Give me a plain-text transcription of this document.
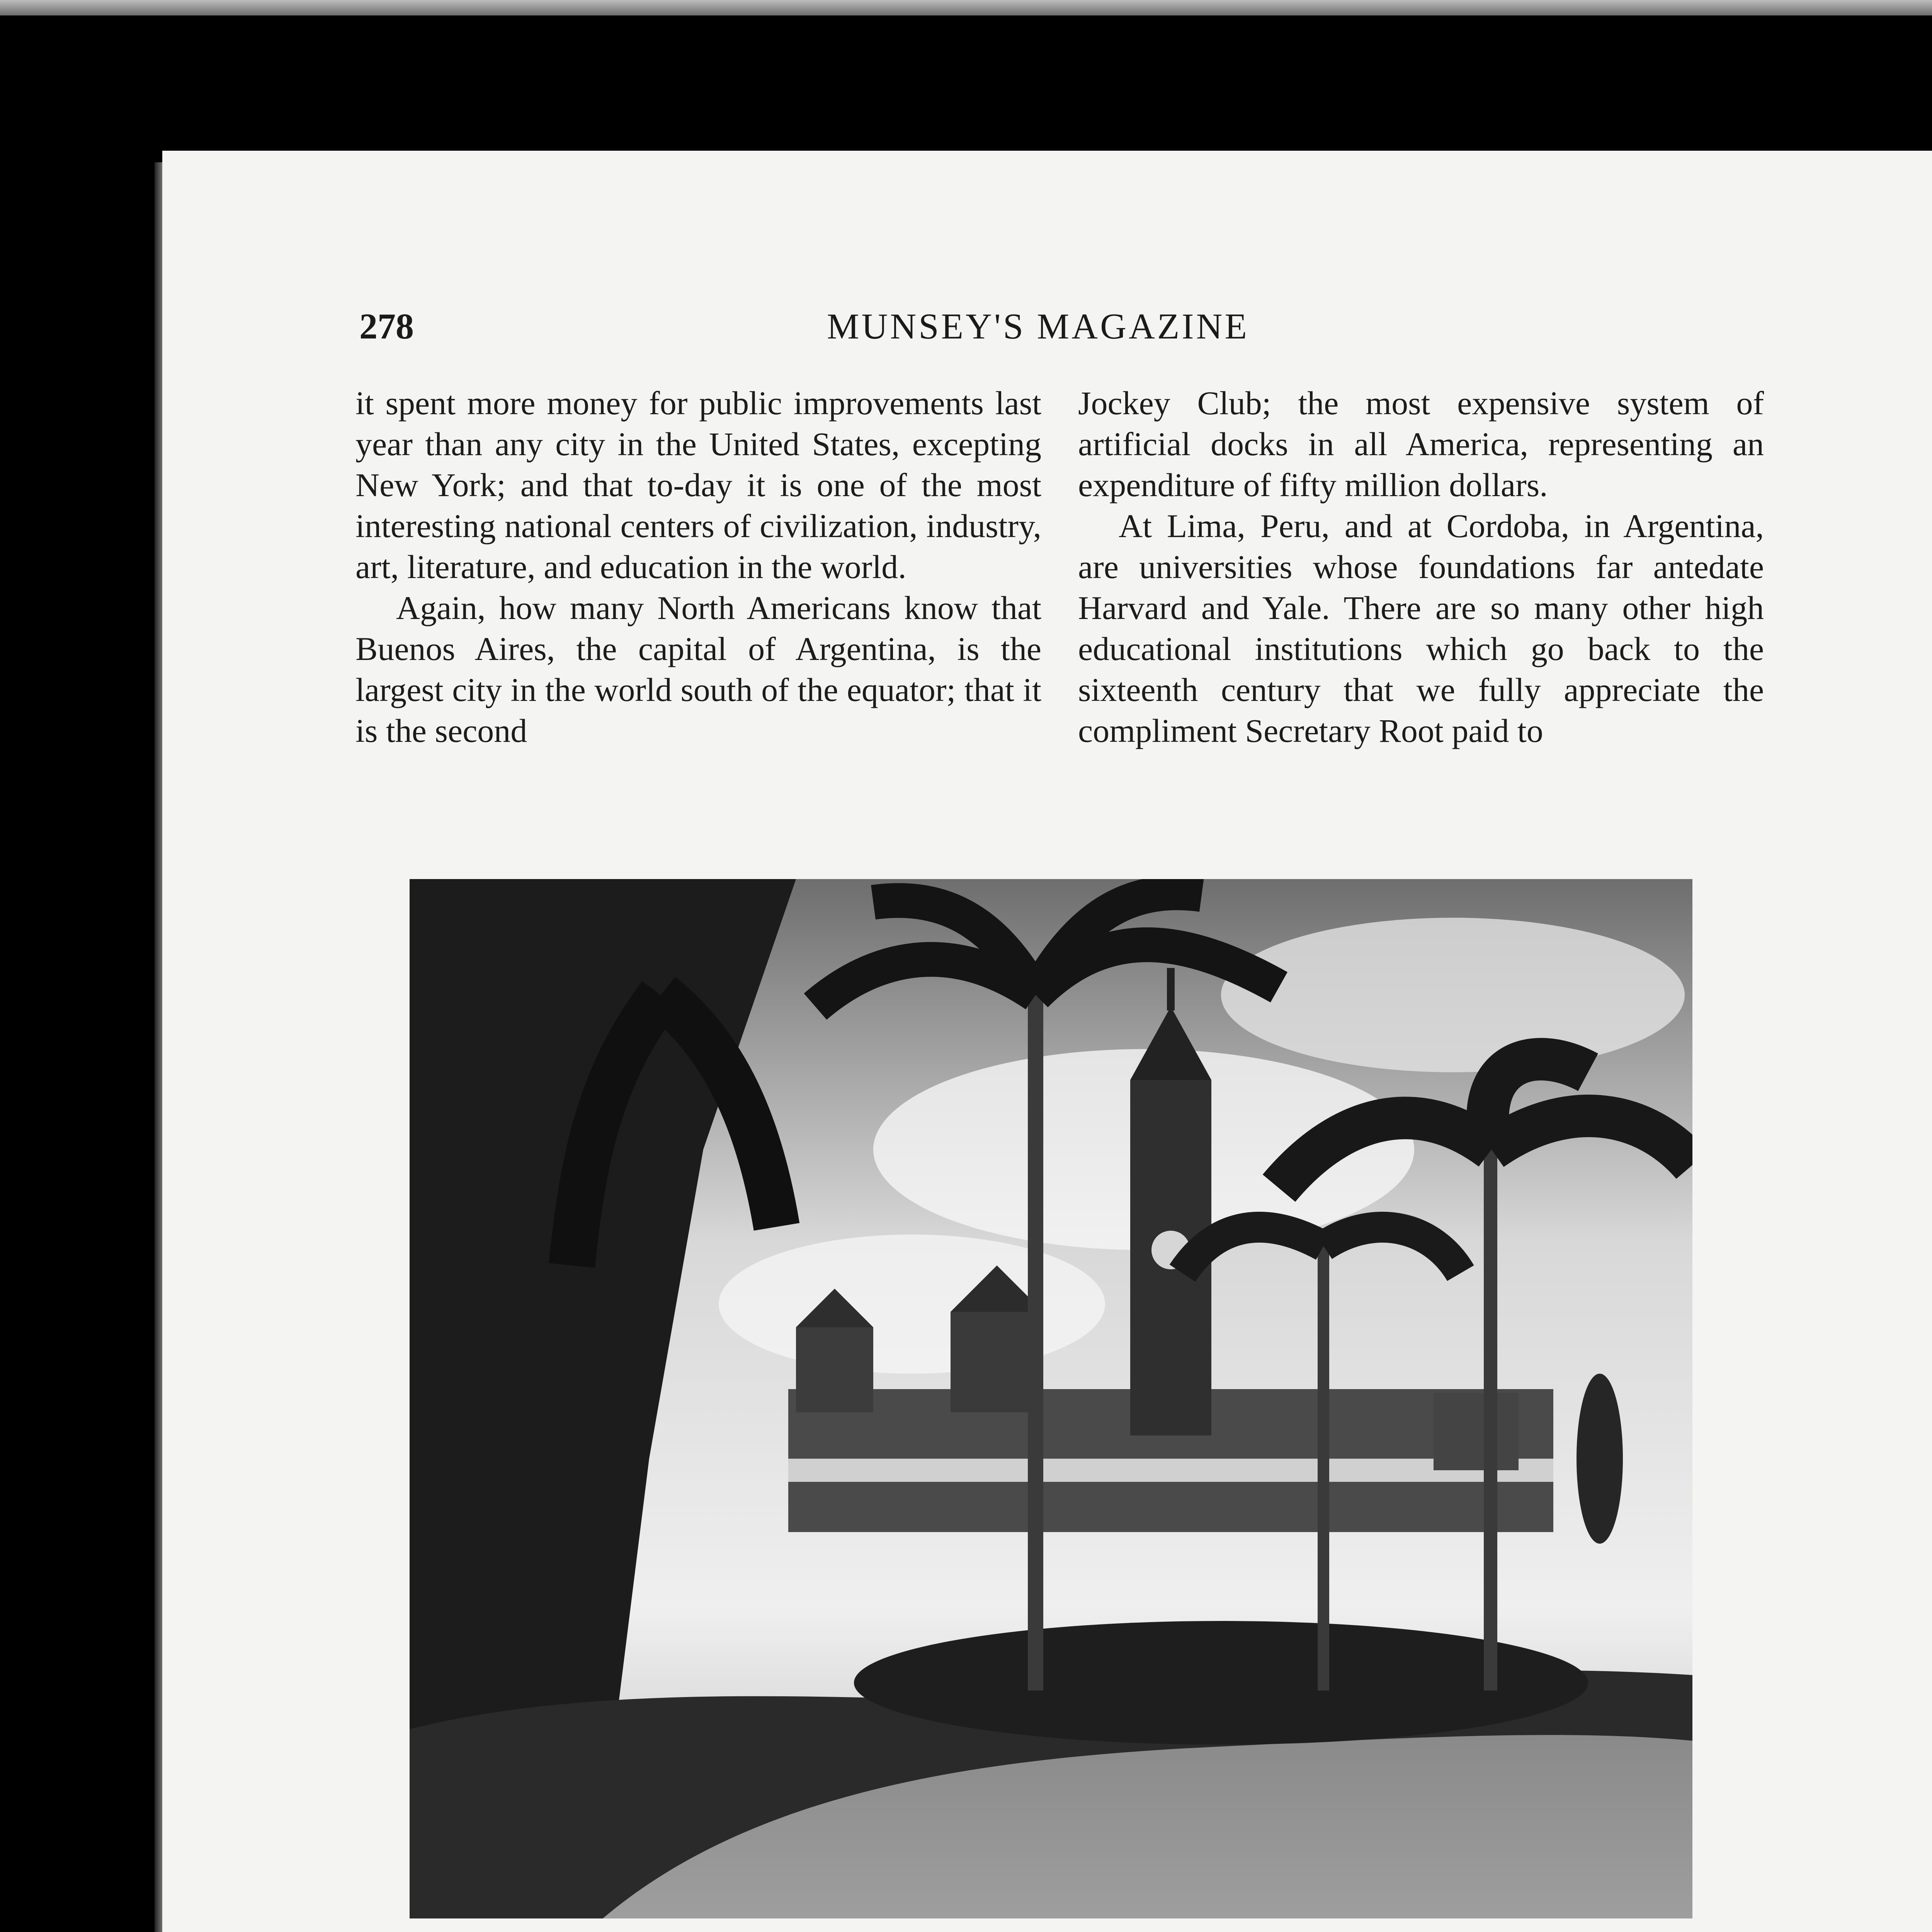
278	MUNSEY'S MAGAZINE

it spent more money for public improvements last year than any city in the United States, excepting New York; and that to-day it is one of the most interesting national centers of civilization, industry, art, literature, and education in the world.

Again, how many North Americans know that Buenos Aires, the capital of Argentina, is the largest city in the world south of the equator; that it is the second

Jockey Club; the most expensive system of artificial docks in all America, representing an expenditure of fifty million dollars.

At Lima, Peru, and at Cordoba, in Argentina, are universities whose foundations far antedate Harvard and Yale. There are so many other high educational institutions which go back to the sixteenth century that we fully appreciate the compliment Secretary Root paid to
